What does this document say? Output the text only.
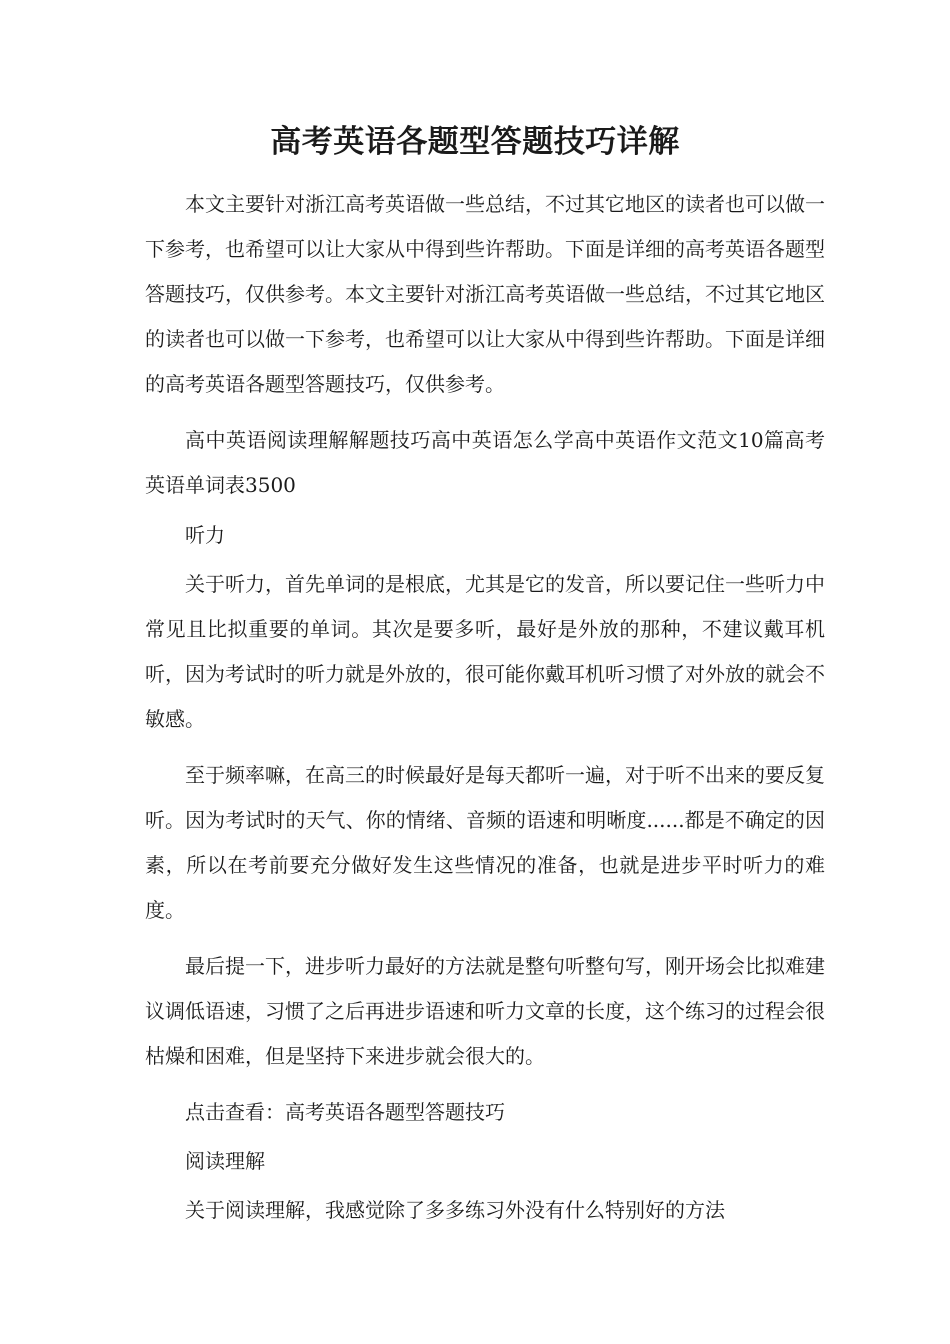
高考英语各题型答题技巧详解

本文主要针对浙江高考英语做一些总结，不过其它地区的读者也可以做一下参考，也希望可以让大家从中得到些许帮助。下面是详细的高考英语各题型答题技巧，仅供参考。本文主要针对浙江高考英语做一些总结，不过其它地区的读者也可以做一下参考，也希望可以让大家从中得到些许帮助。下面是详细的高考英语各题型答题技巧，仅供参考。

高中英语阅读理解解题技巧高中英语怎么学高中英语作文范文10篇高考英语单词表3500

听力

关于听力，首先单词的是根底，尤其是它的发音，所以要记住一些听力中常见且比拟重要的单词。其次是要多听，最好是外放的那种，不建议戴耳机听，因为考试时的听力就是外放的，很可能你戴耳机听习惯了对外放的就会不敏感。

至于频率嘛，在高三的时候最好是每天都听一遍，对于听不出来的要反复听。因为考试时的天气、你的情绪、音频的语速和明晰度......都是不确定的因素，所以在考前要充分做好发生这些情况的准备，也就是进步平时听力的难度。

最后提一下，进步听力最好的方法就是整句听整句写，刚开场会比拟难建议调低语速，习惯了之后再进步语速和听力文章的长度，这个练习的过程会很枯燥和困难，但是坚持下来进步就会很大的。

点击查看：高考英语各题型答题技巧

阅读理解

关于阅读理解，我感觉除了多多练习外没有什么特别好的方法
